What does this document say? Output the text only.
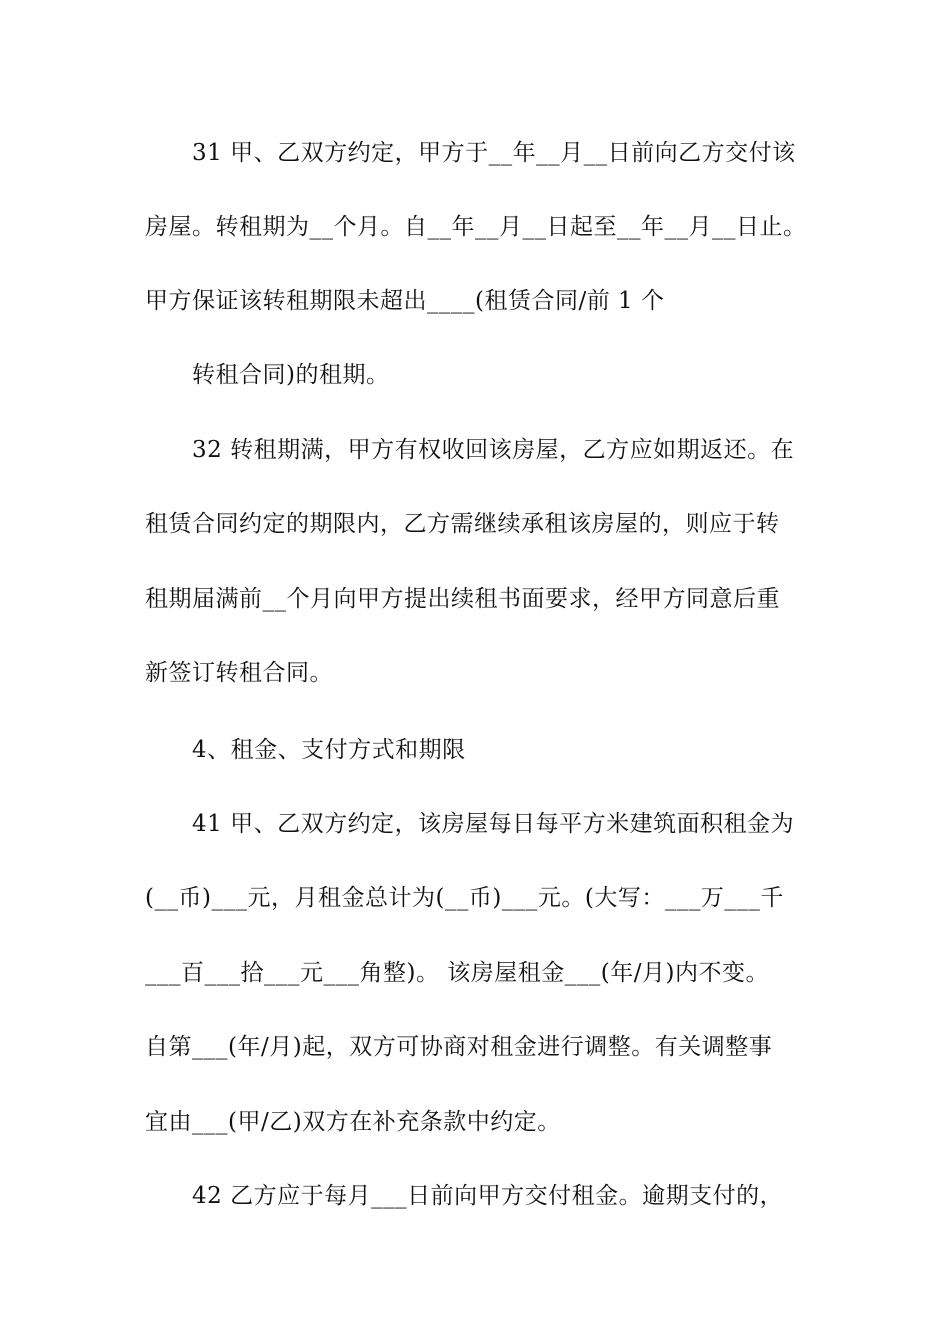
31 甲、乙双方约定，甲方于__年__月__日前向乙方交付该
房屋。转租期为__个月。自__年__月__日起至__年__月__日止。
甲方保证该转租期限未超出____(租赁合同/前 1 个
转租合同)的租期。
32 转租期满，甲方有权收回该房屋，乙方应如期返还。在
租赁合同约定的期限内，乙方需继续承租该房屋的，则应于转
租期届满前__个月向甲方提出续租书面要求，经甲方同意后重
新签订转租合同。
4、租金、支付方式和期限
41 甲、乙双方约定，该房屋每日每平方米建筑面积租金为
(__币)___元，月租金总计为(__币)___元。(大写：___万___千
___百___拾___元___角整)。 该房屋租金___(年/月)内不变。
自第___(年/月)起，双方可协商对租金进行调整。有关调整事
宜由___(甲/乙)双方在补充条款中约定。
42 乙方应于每月___日前向甲方交付租金。逾期支付的，
